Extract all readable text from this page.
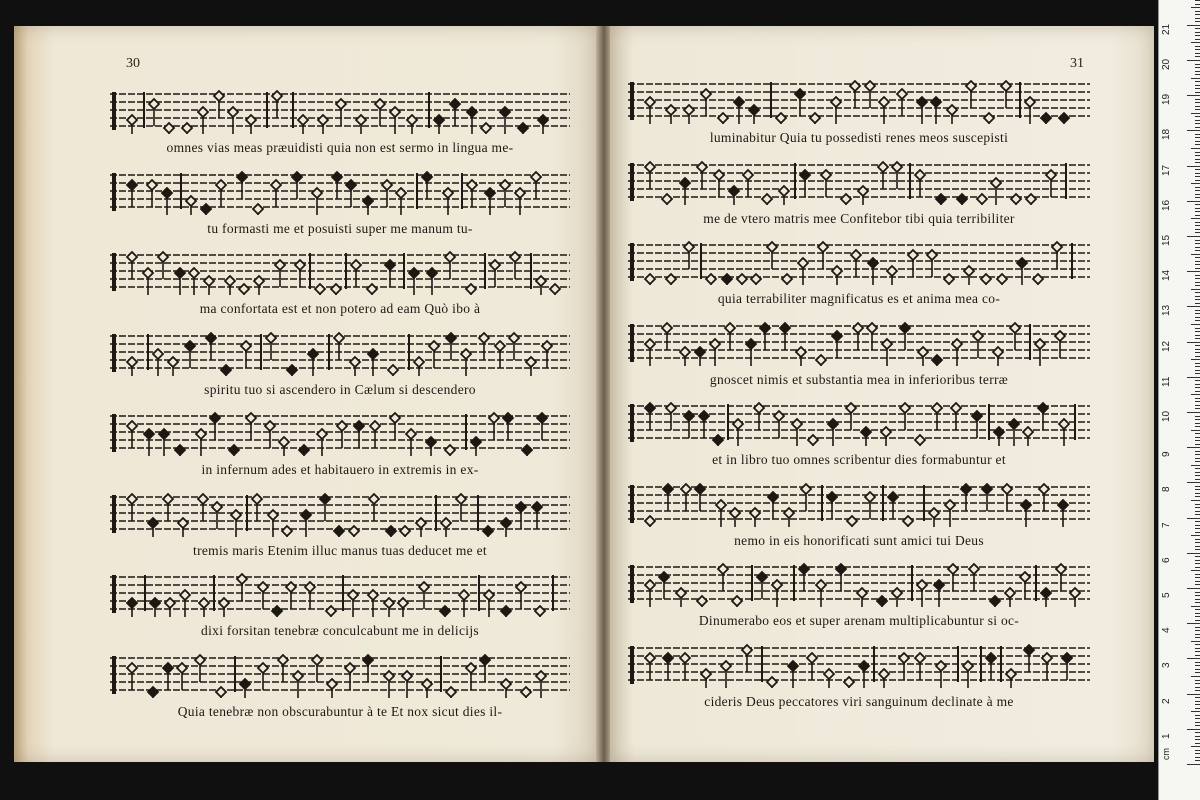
30
omnes vias meas præuidisti quia non est sermo in lingua me-
tu formasti me et posuisti super me manum tu-
ma confortata est et non potero ad eam Quò ibo à
spiritu tuo si ascendero in Cælum si descendero
in infernum ades et habitauero in extremis in ex-
tremis maris Etenim illuc manus tuas deducet me et
dixi forsitan tenebræ conculcabunt me in delicijs
Quia tenebræ non obscurabuntur à te Et nox sicut dies il-
31
luminabitur Quia tu possedisti renes meos suscepisti
me de vtero matris mee Confitebor tibi quia terribiliter
quia terrabiliter magnificatus es et anima mea co-
gnoscet nimis et substantia mea in inferioribus terræ
et in libro tuo omnes scribentur dies formabuntur et
nemo in eis honorificati sunt amici tui Deus
Dinumerabo eos et super arenam multiplicabuntur si oc-
cideris Deus peccatores viri sanguinum declinate à me
1
2
3
4
5
6
7
8
9
10
11
12
13
14
15
16
17
18
19
20
21
cm
